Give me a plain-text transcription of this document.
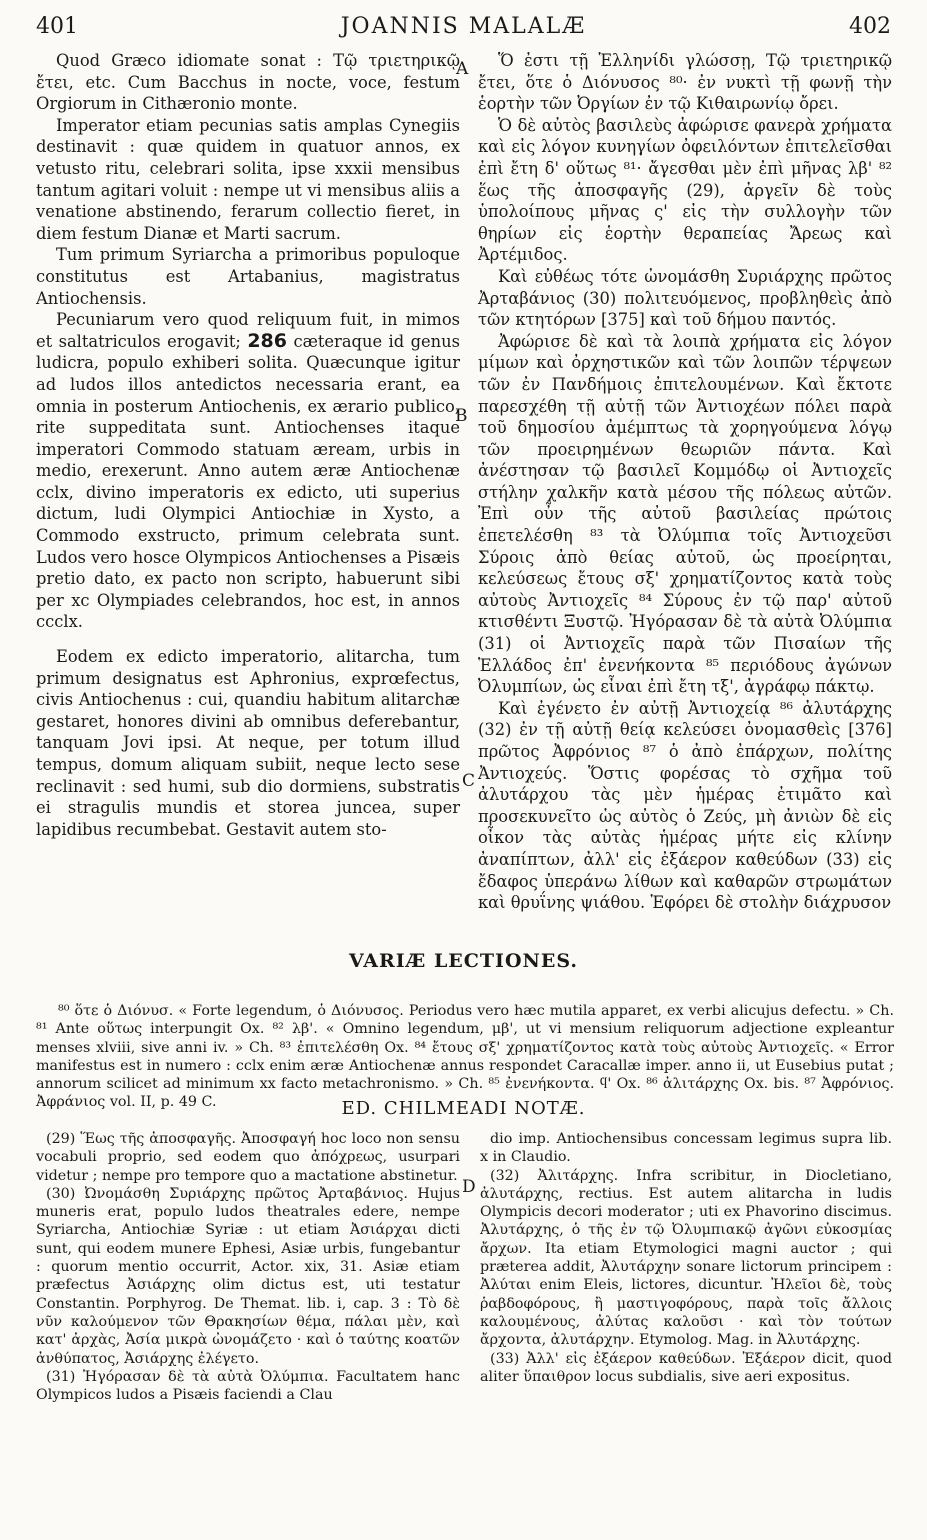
401	JOANNIS MALALÆ	402

Quod Græco idiomate sonat : Τῷ τριετηρικῷ ἔτει, etc. Cum Bacchus in nocte, voce, festum Orgiorum in Cithæronio monte.

Imperator etiam pecunias satis amplas Cynegiis destinavit : quæ quidem in quatuor annos, ex vetusto ritu, celebrari solita, ipse xxxii mensibus tantum agitari voluit : nempe ut vi mensibus aliis a venatione abstinendo, ferarum collectio fieret, in diem festum Dianæ et Marti sacrum.

Tum primum Syriarcha a primoribus populoque constitutus est Artabanius, magistratus Antiochensis.

Pecuniarum vero quod reliquum fuit, in mimos et saltatriculos erogavit; 286 cæteraque id genus ludicra, populo exhiberi solita. Quæcunque igitur ad ludos illos antedictos necessaria erant, ea omnia in posterum Antiochenis, ex ærario publico, rite suppeditata sunt. Antiochenses itaque imperatori Commodo statuam æream, urbis in medio, erexerunt. Anno autem æræ Antiochenæ cclx, divino imperatoris ex edicto, uti superius dictum, ludi Olympici Antiochiæ in Xysto, a Commodo exstructo, primum celebrata sunt. Ludos vero hosce Olympicos Antiochenses a Pisæis pretio dato, ex pacto non scripto, habuerunt sibi per xc Olympiades celebrandos, hoc est, in annos ccclx.

Eodem ex edicto imperatorio, alitarcha, tum primum designatus est Aphronius, exprœfectus, civis Antiochenus : cui, quandiu habitum alitarchæ gestaret, honores divini ab omnibus deferebantur, tanquam Jovi ipsi. At neque, per totum illud tempus, domum aliquam subiit, neque lecto sese reclinavit : sed humi, sub dio dormiens, substratis ei stragulis mundis et storea juncea, super lapidibus recumbebat. Gestavit autem sto-

A
B
C
D

Ὅ ἐστι τῇ Ἑλληνίδι γλώσσῃ, Τῷ τριετηρικῷ ἔτει, ὅτε ὁ Διόνυσος ⁸⁰· ἐν νυκτὶ τῇ φωνῇ τὴν ἑορτὴν τῶν Ὀργίων ἐν τῷ Κιθαιρωνίῳ ὄρει.

Ὁ δὲ αὐτὸς βασιλεὺς ἀφώρισε φανερὰ χρήματα καὶ εἰς λόγον κυνηγίων ὀφειλόντων ἐπιτελεῖσθαι ἐπὶ ἔτη δ' οὕτως ⁸¹· ἄγεσθαι μὲν ἐπὶ μῆνας λβ' ⁸² ἕως τῆς ἀποσφαγῆς (29), ἀργεῖν δὲ τοὺς ὑπολοίπους μῆνας ς' εἰς τὴν συλλογὴν τῶν θηρίων εἰς ἑορτὴν θεραπείας Ἄρεως καὶ Ἀρτέμιδος.

Καὶ εὐθέως τότε ὠνομάσθη Συριάρχης πρῶτος Ἀρταβάνιος (30) πολιτευόμενος, προβληθεὶς ἀπὸ τῶν κτητόρων [375] καὶ τοῦ δήμου παντός.

Ἀφώρισε δὲ καὶ τὰ λοιπὰ χρήματα εἰς λόγον μίμων καὶ ὀρχηστικῶν καὶ τῶν λοιπῶν τέρψεων τῶν ἐν Πανδήμοις ἐπιτελουμένων. Καὶ ἔκτοτε παρεσχέθη τῇ αὐτῇ τῶν Ἀντιοχέων πόλει παρὰ τοῦ δημοσίου ἀμέμπτως τὰ χορηγούμενα λόγῳ τῶν προειρημένων θεωριῶν πάντα. Καὶ ἀνέστησαν τῷ βασιλεῖ Κομμόδῳ οἱ Ἀντιοχεῖς στήλην χαλκῆν κατὰ μέσου τῆς πόλεως αὐτῶν. Ἐπὶ οὖν τῆς αὐτοῦ βασιλείας πρώτοις ἐπετελέσθη ⁸³ τὰ Ὀλύμπια τοῖς Ἀντιοχεῦσι Σύροις ἀπὸ θείας αὐτοῦ, ὡς προείρηται, κελεύσεως ἔτους σξ' χρηματίζοντος κατὰ τοὺς αὐτοὺς Ἀντιοχεῖς ⁸⁴ Σύρους ἐν τῷ παρ' αὐτοῦ κτισθέντι Ξυστῷ. Ἠγόρασαν δὲ τὰ αὐτὰ Ὀλύμπια (31) οἱ Ἀντιοχεῖς παρὰ τῶν Πισαίων τῆς Ἑλλάδος ἐπ' ἐνενήκοντα ⁸⁵ περιόδους ἀγώνων Ὀλυμπίων, ὡς εἶναι ἐπὶ ἔτη τξ', ἀγράφῳ πάκτῳ.

Καὶ ἐγένετο ἐν αὐτῇ Ἀντιοχείᾳ ⁸⁶ ἀλυτάρχης (32) ἐν τῇ αὐτῇ θείᾳ κελεύσει ὀνομασθεὶς [376] πρῶτος Ἀφρόνιος ⁸⁷ ὁ ἀπὸ ἐπάρχων, πολίτης Ἀντιοχεύς. Ὅστις φορέσας τὸ σχῆμα τοῦ ἀλυτάρχου τὰς μὲν ἡμέρας ἐτιμᾶτο καὶ προσεκυνεῖτο ὡς αὐτὸς ὁ Ζεύς, μὴ ἀνιὼν δὲ εἰς οἶκον τὰς αὐτὰς ἡμέρας μήτε εἰς κλίνην ἀναπίπτων, ἀλλ' εἰς ἐξάερον καθεύδων (33) εἰς ἔδαφος ὑπεράνω λίθων καὶ καθαρῶν στρωμάτων καὶ θρυΐνης ψιάθου. Ἐφόρει δὲ στολὴν διάχρυσον

VARIÆ LECTIONES.

⁸⁰ ὅτε ὁ Διόνυσ. « Forte legendum, ὁ Διόνυσος. Periodus vero hæc mutila apparet, ex verbi alicujus defectu. » Ch. ⁸¹ Ante οὕτως interpungit Ox. ⁸² λβ'. « Omnino legendum, μβ', ut vi mensium reliquorum adjectione expleantur menses xlviii, sive anni iv. » Ch. ⁸³ ἐπιτελέσθη Ox. ⁸⁴ ἔτους σξ' χρηματίζοντος κατὰ τοὺς αὐτοὺς Ἀντιοχεῖς. « Error manifestus est in numero : cclx enim æræ Antiochenæ annus respondet Caracallæ imper. anno ii, ut Eusebius putat ; annorum scilicet ad minimum xx facto metachronismo. » Ch. ⁸⁵ ἐνενήκοντα. ϥ' Ox. ⁸⁶ ἀλιτάρχης Ox. bis. ⁸⁷ Ἀφρόνιος. Ἀφράνιος vol. II, p. 49 C.	ED. CHILMEADI NOTÆ.

(29) Ἕως τῆς ἀποσφαγῆς. Ἀποσφαγή hoc loco non sensu vocabuli proprio, sed eodem quo ἀπόχρεως, usurpari videtur ; nempe pro tempore quo a mactatione abstinetur.

(30) Ὠνομάσθη Συριάρχης πρῶτος Ἀρταβάνιος. Hujus muneris erat, populo ludos theatrales edere, nempe Syriarcha, Antiochiæ Syriæ : ut etiam Ἀσιάρχαι dicti sunt, qui eodem munere Ephesi, Asiæ urbis, fungebantur : quorum mentio occurrit, Actor. xix, 31. Asiæ etiam præfectus Ἀσιάρχης olim dictus est, uti testatur Constantin. Porphyrog. De Themat. lib. i, cap. 3 : Τὸ δὲ νῦν καλούμενον τῶν Θρακησίων θέμα, πάλαι μὲν, καὶ κατ' ἀρχὰς, Ἀσία μικρὰ ὠνομάζετο · καὶ ὁ ταύτης κοατῶν ἀνθύπατος, Ἀσιάρχης ἐλέγετο.

(31) Ἠγόρασαν δὲ τὰ αὐτὰ Ὀλύμπια. Facultatem hanc Olympicos ludos a Pisæis faciendi a Clau

dio imp. Antiochensibus concessam legimus supra lib. x in Claudio.

(32) Ἀλιτάρχης. Infra scribitur, in Diocletiano, ἀλυτάρχης, rectius. Est autem alitarcha in ludis Olympicis decori moderator ; uti ex Phavorino discimus. Ἀλυτάρχης, ὁ τῆς ἐν τῷ Ὀλυμπιακῷ ἀγῶνι εὐκοσμίας ἄρχων. Ita etiam Etymologici magni auctor ; qui præterea addit, Ἀλυτάρχην sonare lictorum principem : Ἀλύται enim Eleis, lictores, dicuntur. Ἠλεῖοι δὲ, τοὺς ῥαβδοφόρους, ἢ μαστιγοφόρους, παρὰ τοῖς ἄλλοις καλουμένους, ἀλύτας καλοῦσι · καὶ τὸν τούτων ἄρχοντα, ἀλυτάρχην. Etymolog. Mag. in Ἀλυτάρχης.

(33) Ἀλλ' εἰς ἐξάερον καθεύδων. Ἐξάερον dicit, quod aliter ὕπαιθρον locus subdialis, sive aeri expositus.
